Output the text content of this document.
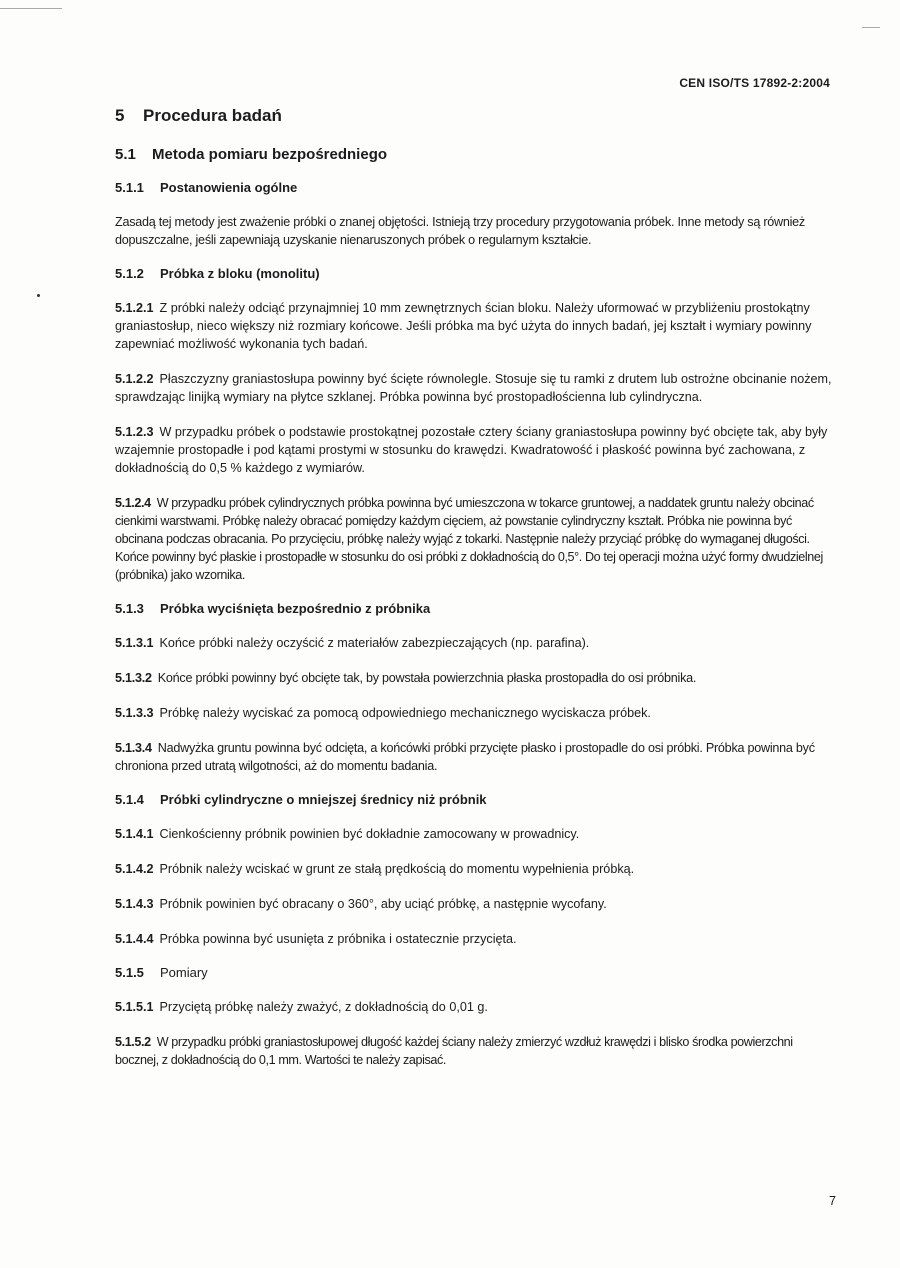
CEN ISO/TS 17892-2:2004
5 Procedura badań
5.1 Metoda pomiaru bezpośredniego
5.1.1 Postanowienia ogólne
Zasadą tej metody jest zważenie próbki o znanej objętości. Istnieją trzy procedury przygotowania próbek. Inne metody są również dopuszczalne, jeśli zapewniają uzyskanie nienaruszonych próbek o regularnym kształcie.
5.1.2 Próbka z bloku (monolitu)
5.1.2.1 Z próbki należy odciąć przynajmniej 10 mm zewnętrznych ścian bloku. Należy uformować w przybliżeniu prostokątny graniastosłup, nieco większy niż rozmiary końcowe. Jeśli próbka ma być użyta do innych badań, jej kształt i wymiary powinny zapewniać możliwość wykonania tych badań.
5.1.2.2 Płaszczyzny graniastosłupa powinny być ścięte równolegle. Stosuje się tu ramki z drutem lub ostrożne obcinanie nożem, sprawdzając linijką wymiary na płytce szklanej. Próbka powinna być prostopadłościenna lub cylindryczna.
5.1.2.3 W przypadku próbek o podstawie prostokątnej pozostałe cztery ściany graniastosłupa powinny być obcięte tak, aby były wzajemnie prostopadłe i pod kątami prostymi w stosunku do krawędzi. Kwadratowość i płaskość powinna być zachowana, z dokładnością do 0,5 % każdego z wymiarów.
5.1.2.4 W przypadku próbek cylindrycznych próbka powinna być umieszczona w tokarce gruntowej, a naddatek gruntu należy obcinać cienkimi warstwami. Próbkę należy obracać pomiędzy każdym cięciem, aż powstanie cylindryczny kształt. Próbka nie powinna być obcinana podczas obracania. Po przycięciu, próbkę należy wyjąć z tokarki. Następnie należy przyciąć próbkę do wymaganej długości. Końce powinny być płaskie i prostopadłe w stosunku do osi próbki z dokładnością do 0,5°. Do tej operacji można użyć formy dwudzielnej (próbnika) jako wzornika.
5.1.3 Próbka wyciśnięta bezpośrednio z próbnika
5.1.3.1 Końce próbki należy oczyścić z materiałów zabezpieczających (np. parafina).
5.1.3.2 Końce próbki powinny być obcięte tak, by powstała powierzchnia płaska prostopadła do osi próbnika.
5.1.3.3 Próbkę należy wyciskać za pomocą odpowiedniego mechanicznego wyciskacza próbek.
5.1.3.4 Nadwyżka gruntu powinna być odcięta, a końcówki próbki przycięte płasko i prostopadle do osi próbki. Próbka powinna być chroniona przed utratą wilgotności, aż do momentu badania.
5.1.4 Próbki cylindryczne o mniejszej średnicy niż próbnik
5.1.4.1 Cienkościenny próbnik powinien być dokładnie zamocowany w prowadnicy.
5.1.4.2 Próbnik należy wciskać w grunt ze stałą prędkością do momentu wypełnienia próbką.
5.1.4.3 Próbnik powinien być obracany o 360°, aby uciąć próbkę, a następnie wycofany.
5.1.4.4 Próbka powinna być usunięta z próbnika i ostatecznie przycięta.
5.1.5 Pomiary
5.1.5.1 Przyciętą próbkę należy zważyć, z dokładnością do 0,01 g.
5.1.5.2 W przypadku próbki graniastosłupowej długość każdej ściany należy zmierzyć wzdłuż krawędzi i blisko środka powierzchni bocznej, z dokładnością do 0,1 mm. Wartości te należy zapisać.
7
